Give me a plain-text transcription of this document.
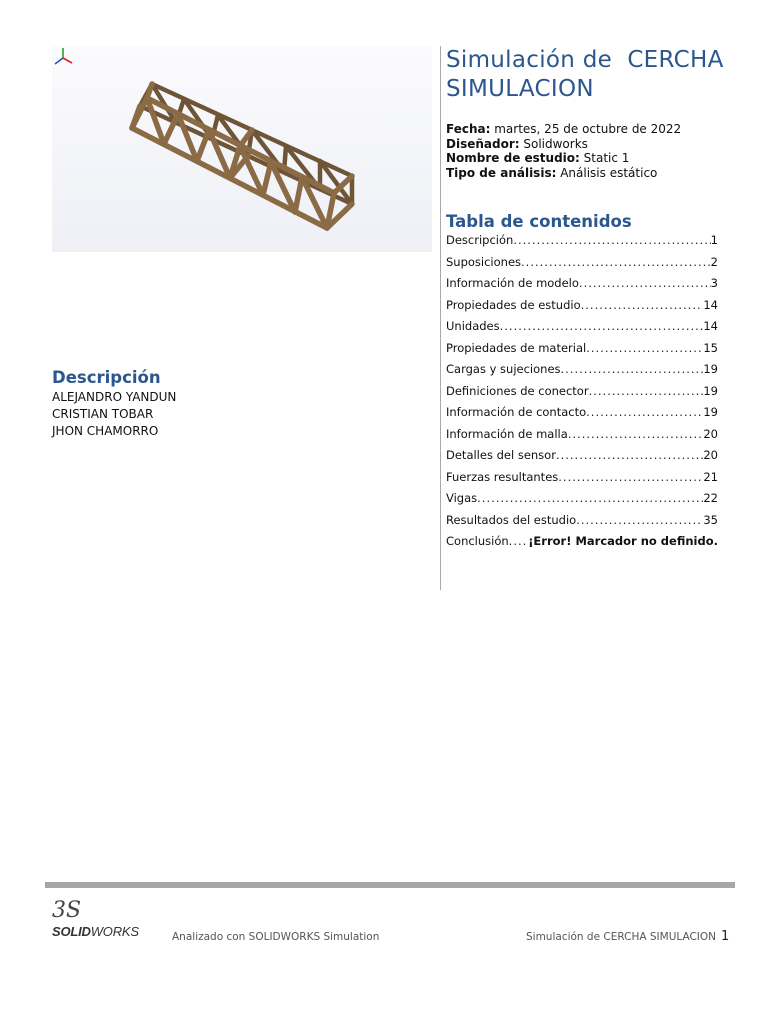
Simulación de  CERCHA
SIMULACION
Fecha: martes, 25 de octubre de 2022
Diseñador: Solidworks
Nombre de estudio: Static 1
Tipo de análisis: Análisis estático
Tabla de contenidos
Descripción .....	1
Suposiciones .....	2
Información de modelo .....	3
Propiedades de estudio .....	14
Unidades .....	14
Propiedades de material .....	15
Cargas y sujeciones .....	19
Definiciones de conector .....	19
Información de contacto .....	19
Información de malla .....	20
Detalles del sensor .....	20
Fuerzas resultantes .....	21
Vigas .....	22
Resultados del estudio .....	35
Conclusión ..... ¡Error! Marcador no definido.
Descripción
ALEJANDRO YANDUN
CRISTIAN TOBAR
JHON CHAMORRO
3S
SOLIDWORKS	Analizado con SOLIDWORKS Simulation	Simulación de CERCHA SIMULACION 1
